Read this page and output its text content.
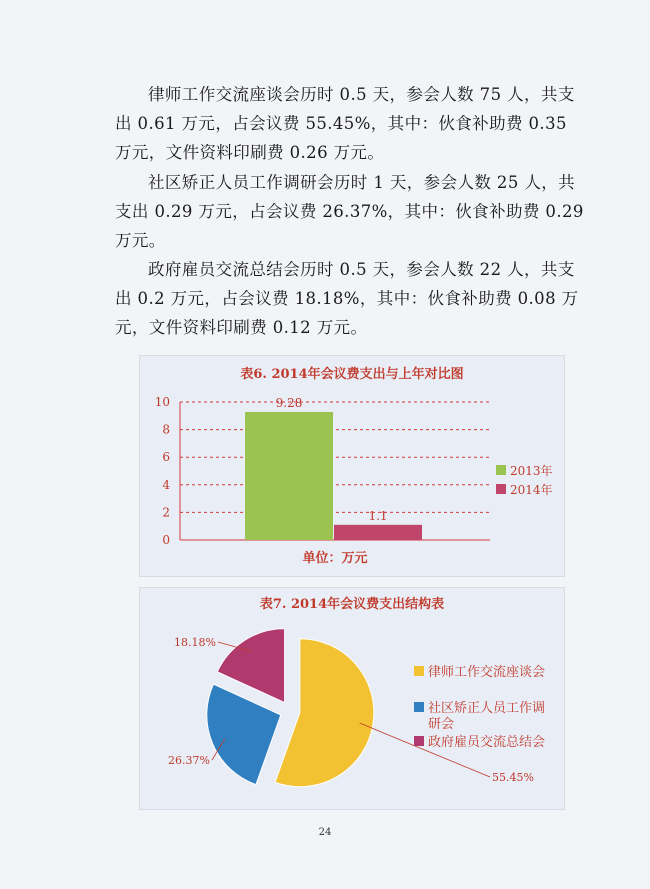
律师工作交流座谈会历时 0.5 天，参会人数 75 人，共支出 0.61 万元，占会议费 55.45%，其中：伙食补助费 0.35 万元，文件资料印刷费 0.26 万元。

社区矫正人员工作调研会历时 1 天，参会人数 25 人，共支出 0.29 万元，占会议费 26.37%，其中：伙食补助费 0.29 万元。

政府雇员交流总结会历时 0.5 天，参会人数 22 人，共支出 0.2 万元，占会议费 18.18%，其中：伙食补助费 0.08 万元，文件资料印刷费 0.12 万元。

表6. 2014年会议费支出与上年对比图
0
2
4
6
8
10	9.28
1.1
单位：万元
2013年
2014年
表7. 2014年会议费支出结构表
55.45%
26.37%
18.18%
律师工作交流座谈会
社区矫正人员工作调
研会
政府雇员交流总结会
24
